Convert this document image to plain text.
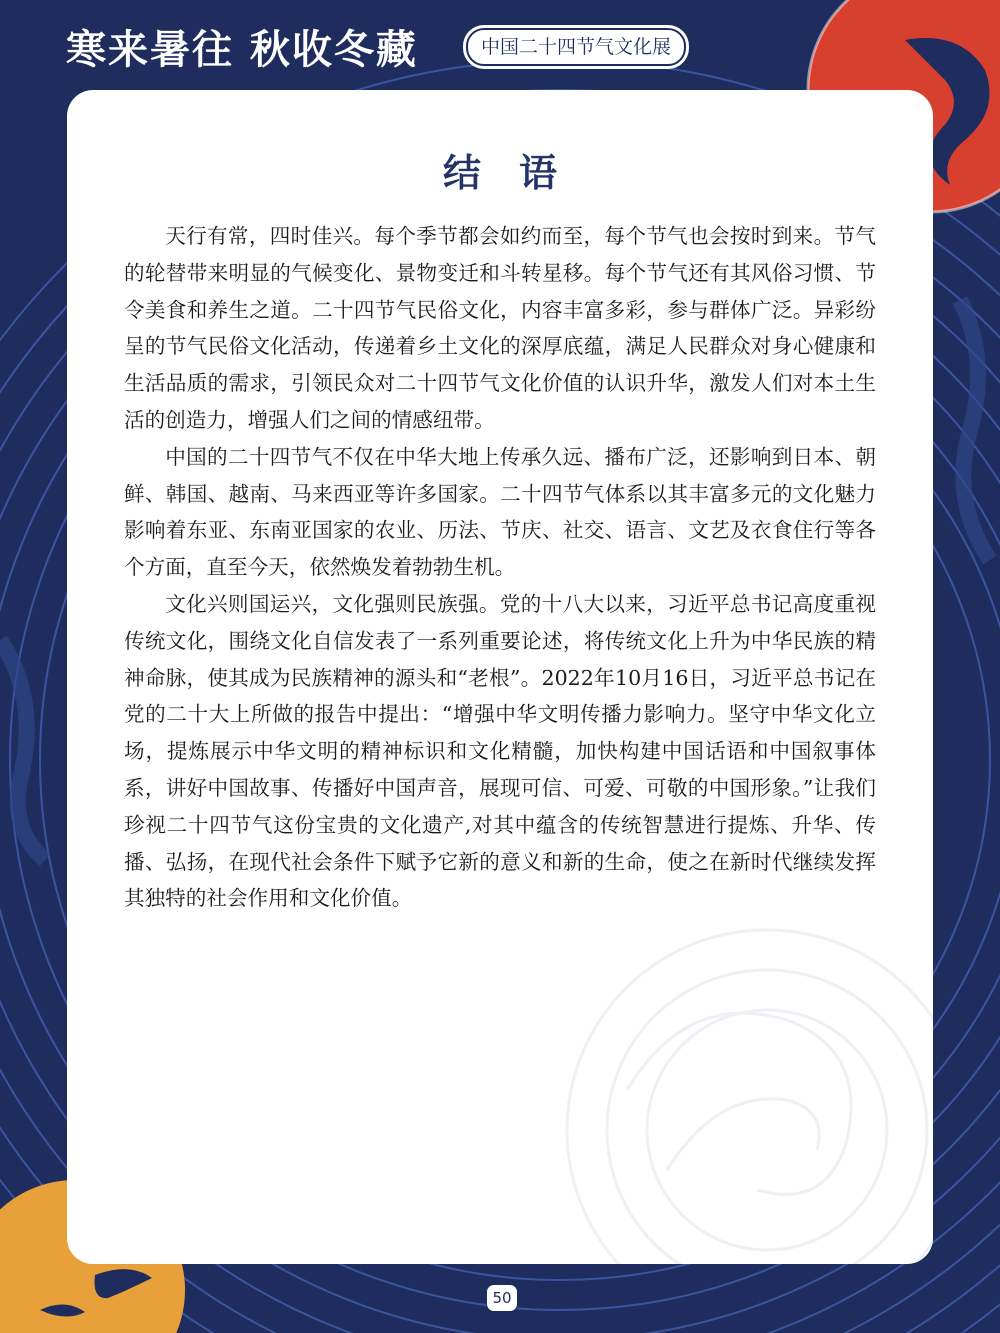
寒来暑往 秋收冬藏	中国二十四节气文化展
结语

天行有常，四时佳兴。每个季节都会如约而至，每个节气也会按时到来。节气的轮替带来明显的气候变化、景物变迁和斗转星移。每个节气还有其风俗习惯、节令美食和养生之道。二十四节气民俗文化，内容丰富多彩，参与群体广泛。异彩纷呈的节气民俗文化活动，传递着乡土文化的深厚底蕴，满足人民群众对身心健康和生活品质的需求，引领民众对二十四节气文化价值的认识升华，激发人们对本土生活的创造力，增强人们之间的情感纽带。

中国的二十四节气不仅在中华大地上传承久远、播布广泛，还影响到日本、朝鲜、韩国、越南、马来西亚等许多国家。二十四节气体系以其丰富多元的文化魅力影响着东亚、东南亚国家的农业、历法、节庆、社交、语言、文艺及衣食住行等各个方面，直至今天，依然焕发着勃勃生机。

文化兴则国运兴，文化强则民族强。党的十八大以来，习近平总书记高度重视传统文化，围绕文化自信发表了一系列重要论述，将传统文化上升为中华民族的精神命脉，使其成为民族精神的源头和“老根”。2022年10月16日，习近平总书记在党的二十大上所做的报告中提出：“增强中华文明传播力影响力。坚守中华文化立场，提炼展示中华文明的精神标识和文化精髓，加快构建中国话语和中国叙事体系，讲好中国故事、传播好中国声音，展现可信、可爱、可敬的中国形象。”让我们珍视二十四节气这份宝贵的文化遗产,对其中蕴含的传统智慧进行提炼、升华、传播、弘扬，在现代社会条件下赋予它新的意义和新的生命，使之在新时代继续发挥其独特的社会作用和文化价值。

50
